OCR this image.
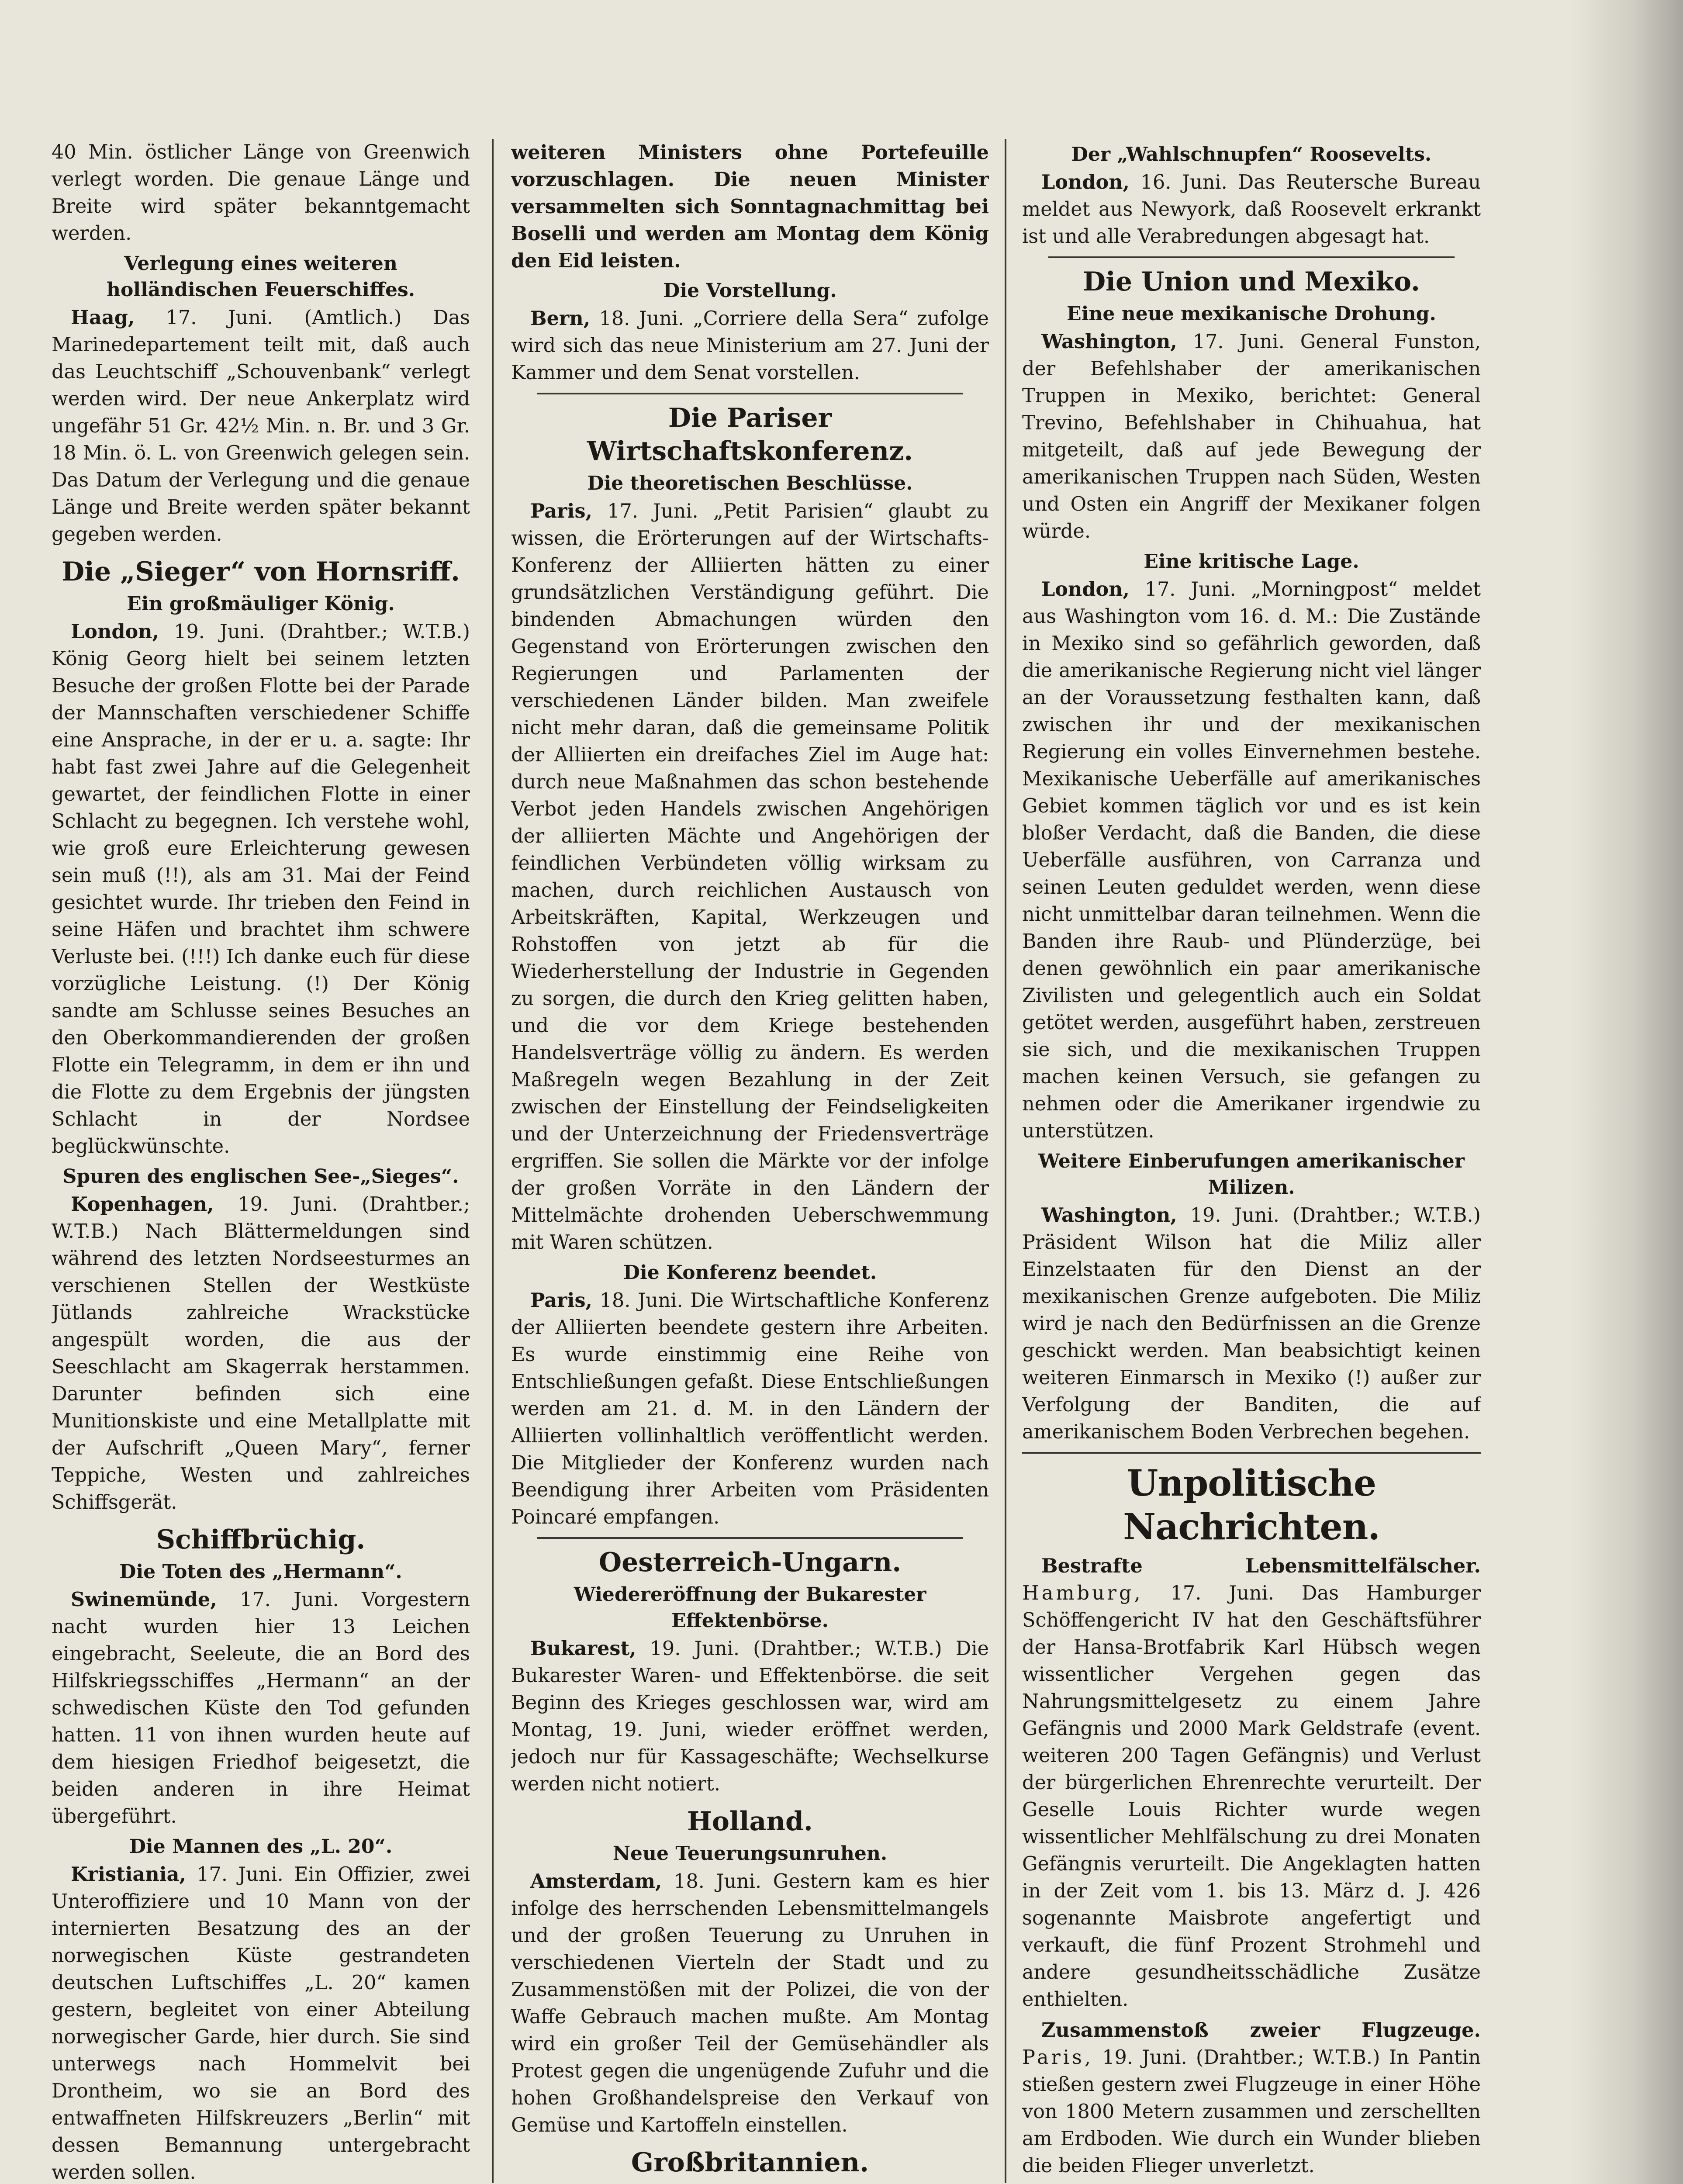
40 Min. östlicher Länge von Greenwich verlegt worden. Die genaue Länge und Breite wird später bekanntgemacht werden.

Verlegung eines weiteren holländischen Feuerschiffes.

Haag, 17. Juni. (Amtlich.) Das Marinedepartement teilt mit, daß auch das Leuchtschiff „Schouvenbank“ verlegt werden wird. Der neue Ankerplatz wird ungefähr 51 Gr. 42½ Min. n. Br. und 3 Gr. 18 Min. ö. L. von Greenwich gelegen sein. Das Datum der Verlegung und die genaue Länge und Breite werden später bekannt gegeben werden.

Die „Sieger“ von Hornsriff.
Ein großmäuliger König.

London, 19. Juni. (Drahtber.; W.T.B.) König Georg hielt bei seinem letzten Besuche der großen Flotte bei der Parade der Mannschaften verschiedener Schiffe eine Ansprache, in der er u. a. sagte: Ihr habt fast zwei Jahre auf die Gelegenheit gewartet, der feindlichen Flotte in einer Schlacht zu begegnen. Ich verstehe wohl, wie groß eure Erleichterung gewesen sein muß (!!), als am 31. Mai der Feind gesichtet wurde. Ihr trieben den Feind in seine Häfen und brachtet ihm schwere Verluste bei. (!!!) Ich danke euch für diese vorzügliche Leistung. (!) Der König sandte am Schlusse seines Besuches an den Oberkommandierenden der großen Flotte ein Telegramm, in dem er ihn und die Flotte zu dem Ergebnis der jüngsten Schlacht in der Nordsee beglückwünschte.

Spuren des englischen See-„Sieges“.

Kopenhagen, 19. Juni. (Drahtber.; W.T.B.) Nach Blättermeldungen sind während des letzten Nordseesturmes an verschienen Stellen der Westküste Jütlands zahlreiche Wrackstücke angespült worden, die aus der Seeschlacht am Skagerrak herstammen. Darunter befinden sich eine Munitionskiste und eine Metallplatte mit der Aufschrift „Queen Mary“, ferner Teppiche, Westen und zahlreiches Schiffsgerät.

Schiffbrüchig.
Die Toten des „Hermann“.

Swinemünde, 17. Juni. Vorgestern nacht wurden hier 13 Leichen eingebracht, Seeleute, die an Bord des Hilfskriegsschiffes „Hermann“ an der schwedischen Küste den Tod gefunden hatten. 11 von ihnen wurden heute auf dem hiesigen Friedhof beigesetzt, die beiden anderen in ihre Heimat übergeführt.

Die Mannen des „L. 20“.

Kristiania, 17. Juni. Ein Offizier, zwei Unteroffiziere und 10 Mann von der internierten Besatzung des an der norwegischen Küste gestrandeten deutschen Luftschiffes „L. 20“ kamen gestern, begleitet von einer Abteilung norwegischer Garde, hier durch. Sie sind unterwegs nach Hommelvit bei Drontheim, wo sie an Bord des entwaffneten Hilfskreuzers „Berlin“ mit dessen Bemannung untergebracht werden sollen.

weiteren Ministers ohne Portefeuille vorzuschlagen. Die neuen Minister versammelten sich Sonntagnachmittag bei Boselli und werden am Montag dem König den Eid leisten.

Die Vorstellung.

Bern, 18. Juni. „Corriere della Sera“ zufolge wird sich das neue Ministerium am 27. Juni der Kammer und dem Senat vorstellen.

Die Pariser Wirtschaftskonferenz.
Die theoretischen Beschlüsse.

Paris, 17. Juni. „Petit Parisien“ glaubt zu wissen, die Erörterungen auf der Wirtschafts-Konferenz der Alliierten hätten zu einer grundsätzlichen Verständigung geführt. Die bindenden Abmachungen würden den Gegenstand von Erörterungen zwischen den Regierungen und Parlamenten der verschiedenen Länder bilden. Man zweifele nicht mehr daran, daß die gemeinsame Politik der Alliierten ein dreifaches Ziel im Auge hat: durch neue Maßnahmen das schon bestehende Verbot jeden Handels zwischen Angehörigen der alliierten Mächte und Angehörigen der feindlichen Verbündeten völlig wirksam zu machen, durch reichlichen Austausch von Arbeitskräften, Kapital, Werkzeugen und Rohstoffen von jetzt ab für die Wiederherstellung der Industrie in Gegenden zu sorgen, die durch den Krieg gelitten haben, und die vor dem Kriege bestehenden Handelsverträge völlig zu ändern. Es werden Maßregeln wegen Bezahlung in der Zeit zwischen der Einstellung der Feindseligkeiten und der Unterzeichnung der Friedensverträge ergriffen. Sie sollen die Märkte vor der infolge der großen Vorräte in den Ländern der Mittelmächte drohenden Ueberschwemmung mit Waren schützen.

Die Konferenz beendet.

Paris, 18. Juni. Die Wirtschaftliche Konferenz der Alliierten beendete gestern ihre Arbeiten. Es wurde einstimmig eine Reihe von Entschließungen gefaßt. Diese Entschließungen werden am 21. d. M. in den Ländern der Alliierten vollinhaltlich veröffentlicht werden. Die Mitglieder der Konferenz wurden nach Beendigung ihrer Arbeiten vom Präsidenten Poincaré empfangen.

Oesterreich-Ungarn.
Wiedereröffnung der Bukarester Effektenbörse.

Bukarest, 19. Juni. (Drahtber.; W.T.B.) Die Bukarester Waren- und Effektenbörse. die seit Beginn des Krieges geschlossen war, wird am Montag, 19. Juni, wieder eröffnet werden, jedoch nur für Kassageschäfte; Wechselkurse werden nicht notiert.

Holland.
Neue Teuerungsunruhen.

Amsterdam, 18. Juni. Gestern kam es hier infolge des herrschenden Lebensmittelmangels und der großen Teuerung zu Unruhen in verschiedenen Vierteln der Stadt und zu Zusammenstößen mit der Polizei, die von der Waffe Gebrauch machen mußte. Am Montag wird ein großer Teil der Gemüsehändler als Protest gegen die ungenügende Zufuhr und die hohen Großhandelspreise den Verkauf von Gemüse und Kartoffeln einstellen.

Großbritannien.

Der „Wahlschnupfen“ Roosevelts.

London, 16. Juni. Das Reutersche Bureau meldet aus Newyork, daß Roosevelt erkrankt ist und alle Verabredungen abgesagt hat.

Die Union und Mexiko.
Eine neue mexikanische Drohung.

Washington, 17. Juni. General Funston, der Befehlshaber der amerikanischen Truppen in Mexiko, berichtet: General Trevino, Befehlshaber in Chihuahua, hat mitgeteilt, daß auf jede Bewegung der amerikanischen Truppen nach Süden, Westen und Osten ein Angriff der Mexikaner folgen würde.

Eine kritische Lage.

London, 17. Juni. „Morningpost“ meldet aus Washington vom 16. d. M.: Die Zustände in Mexiko sind so gefährlich geworden, daß die amerikanische Regierung nicht viel länger an der Voraussetzung festhalten kann, daß zwischen ihr und der mexikanischen Regierung ein volles Einvernehmen bestehe. Mexikanische Ueberfälle auf amerikanisches Gebiet kommen täglich vor und es ist kein bloßer Verdacht, daß die Banden, die diese Ueberfälle ausführen, von Carranza und seinen Leuten geduldet werden, wenn diese nicht unmittelbar daran teilnehmen. Wenn die Banden ihre Raub- und Plünderzüge, bei denen gewöhnlich ein paar amerikanische Zivilisten und gelegentlich auch ein Soldat getötet werden, ausgeführt haben, zerstreuen sie sich, und die mexikanischen Truppen machen keinen Versuch, sie gefangen zu nehmen oder die Amerikaner irgendwie zu unterstützen.

Weitere Einberufungen amerikanischer Milizen.

Washington, 19. Juni. (Drahtber.; W.T.B.) Präsident Wilson hat die Miliz aller Einzelstaaten für den Dienst an der mexikanischen Grenze aufgeboten. Die Miliz wird je nach den Bedürfnissen an die Grenze geschickt werden. Man beabsichtigt keinen weiteren Einmarsch in Mexiko (!) außer zur Verfolgung der Banditen, die auf amerikanischem Boden Verbrechen begehen.

Unpolitische Nachrichten.

Bestrafte Lebensmittelfälscher. Hamburg, 17. Juni. Das Hamburger Schöffengericht IV hat den Geschäftsführer der Hansa-Brotfabrik Karl Hübsch wegen wissentlicher Vergehen gegen das Nahrungsmittelgesetz zu einem Jahre Gefängnis und 2000 Mark Geldstrafe (event. weiteren 200 Tagen Gefängnis) und Verlust der bürgerlichen Ehrenrechte verurteilt. Der Geselle Louis Richter wurde wegen wissentlicher Mehlfälschung zu drei Monaten Gefängnis verurteilt. Die Angeklagten hatten in der Zeit vom 1. bis 13. März d. J. 426 sogenannte Maisbrote angefertigt und verkauft, die fünf Prozent Strohmehl und andere gesundheitsschädliche Zusätze enthielten.

Zusammenstoß zweier Flugzeuge. Paris, 19. Juni. (Drahtber.; W.T.B.) In Pantin stießen gestern zwei Flugzeuge in einer Höhe von 1800 Metern zusammen und zerschellten am Erdboden. Wie durch ein Wunder blieben die beiden Flieger unverletzt.
